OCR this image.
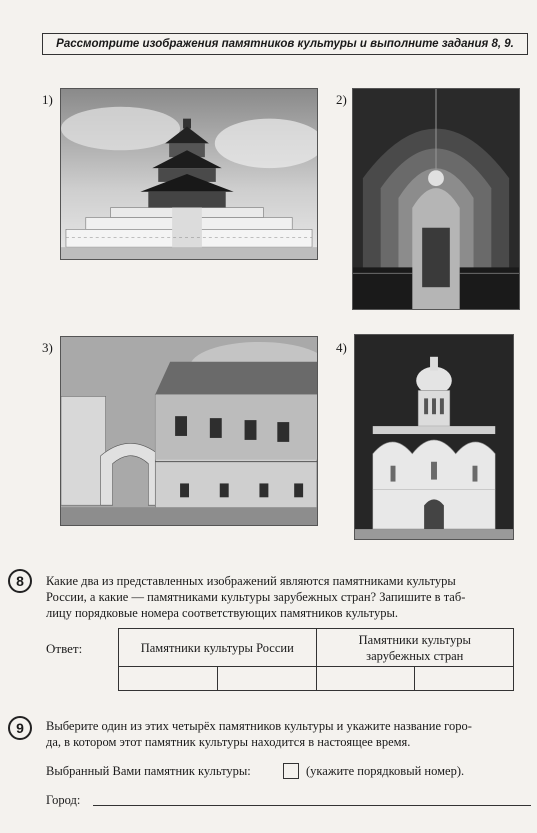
Рассмотрите изображения памятников культуры и выполните задания 8, 9.
1)	2)
3)	4)
8 Какие два из представленных изображений являются памятниками культуры
России, а какие — памятниками культуры зарубежных стран? Запишите в таб-
лицу порядковые номера соответствующих памятников культуры.
Ответ:	Памятники культуры России		Памятники культуры
зарубежных стран	

9 Выберите один из этих четырёх памятников культуры и укажите название горо-
да, в котором этот памятник культуры находится в настоящее время.
Выбранный Вами памятник культуры:	(укажите порядковый номер).
Город:
